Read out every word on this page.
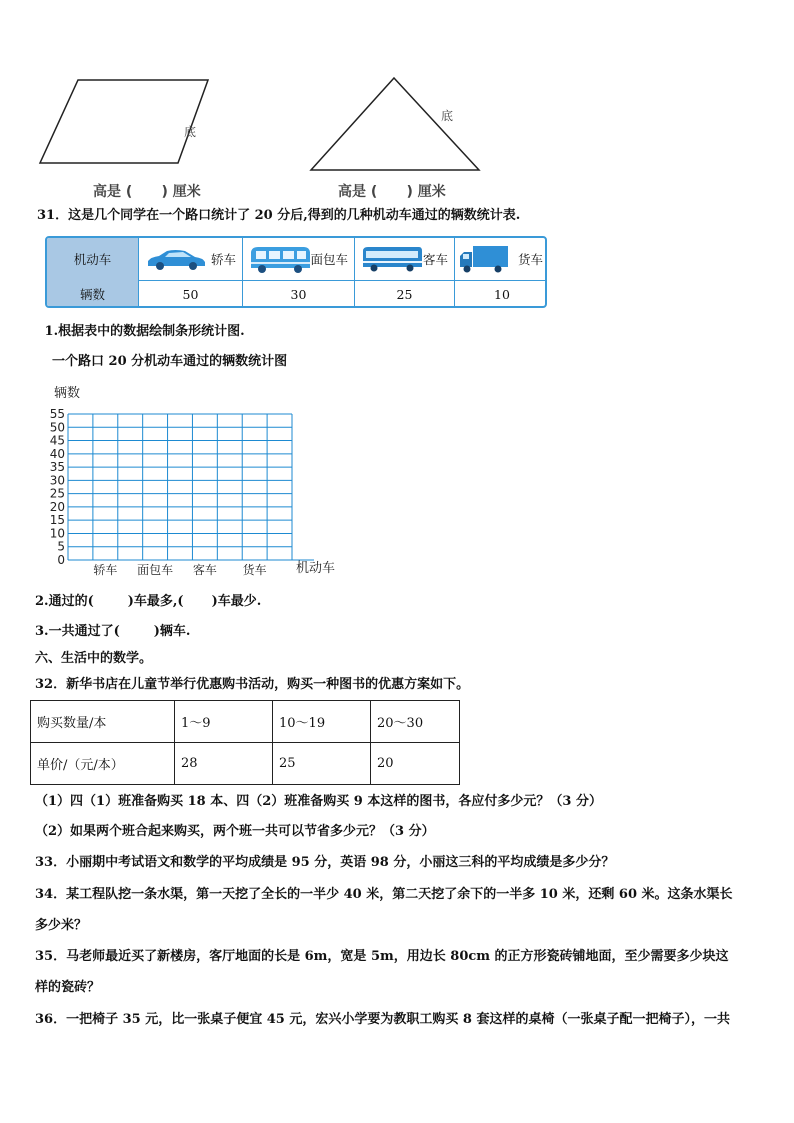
底
底
高是 (      ) 厘米	高是 (      ) 厘米
31．这是几个同学在一个路口统计了 20 分后,得到的几种机动车通过的辆数统计表.
机动车	轿车	面包车	客车	货车
辆数	50	30	25	10
1.根据表中的数据绘制条形统计图.
一个路口 20 分机动车通过的辆数统计图
辆数
0
5
10
15
20
25
30
35
40
45
50
55
轿车 面包车 客车 货车 机动车
2.通过的(	)车最多,( )车最少.
3.一共通过了(	)辆车.
六、生活中的数学。
32．新华书店在儿童节举行优惠购书活动，购买一种图书的优惠方案如下。
购买数量/本	1～9	10～19	20～30
单价/（元/本）	28	25	20
（1）四（1）班准备购买 18 本、四（2）班准备购买 9 本这样的图书，各应付多少元？（3 分）
（2）如果两个班合起来购买，两个班一共可以节省多少元？（3 分）
33．小丽期中考试语文和数学的平均成绩是 95 分，英语 98 分，小丽这三科的平均成绩是多少分？
34．某工程队挖一条水渠，第一天挖了全长的一半少 40 米，第二天挖了余下的一半多 10 米，还剩 60 米。这条水渠长
多少米？
35．马老师最近买了新楼房，客厅地面的长是 6m，宽是 5m，用边长 80cm 的正方形瓷砖铺地面，至少需要多少块这
样的瓷砖？
36．一把椅子 35 元，比一张桌子便宜 45 元，宏兴小学要为教职工购买 8 套这样的桌椅（一张桌子配一把椅子），一共
